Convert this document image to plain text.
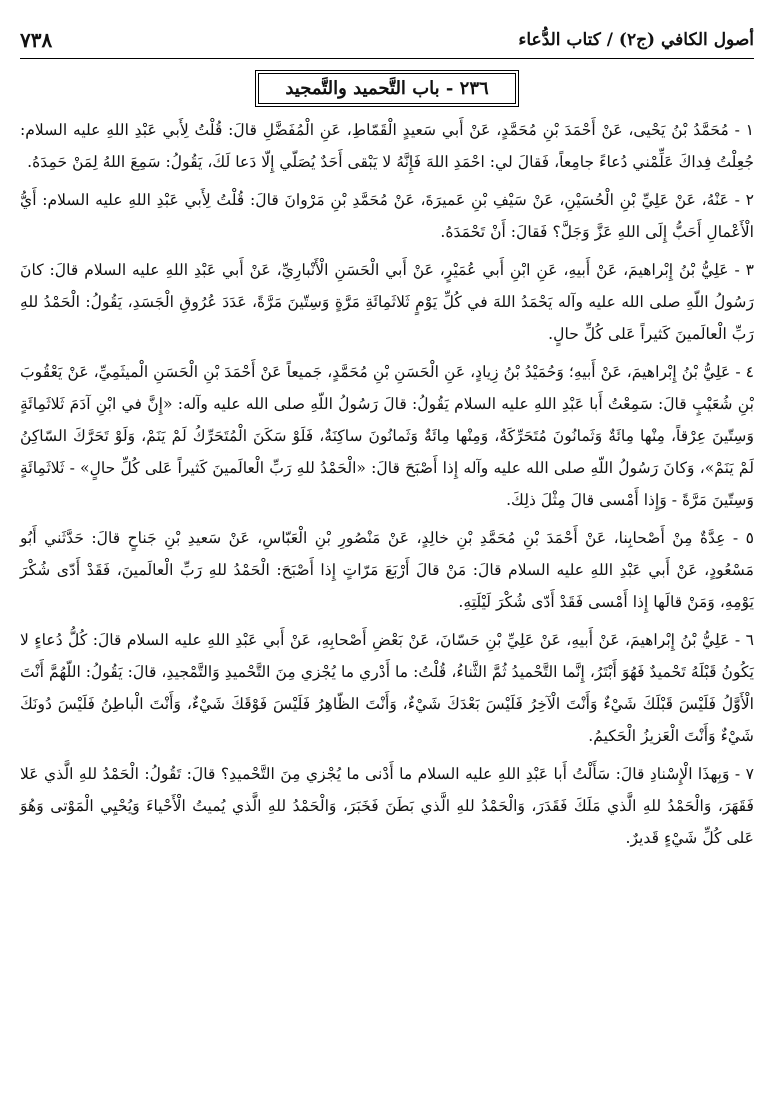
أصول الكافي (ج٢) / كتاب الدُّعاء
٧٣٨
٢٣٦ - باب التَّحميد والتَّمجيد

١ - مُحَمَّدُ بْنُ يَحْيى، عَنْ أَحْمَدَ بْنِ مُحَمَّدٍ، عَنْ أَبي سَعيدٍ الْقَمّاطِ، عَنِ الْمُفَضَّلِ قالَ: قُلْتُ لِأَبي عَبْدِ اللهِ عليه السلام: جُعِلْتُ فِداكَ عَلِّمْني دُعاءً جامِعاً، فَقالَ لي: احْمَدِ اللهَ فَإِنَّهُ لا يَبْقى أَحَدٌ يُصَلّي إِلّا دَعا لَكَ، يَقُولُ: سَمِعَ اللهُ لِمَنْ حَمِدَهُ.

٢ - عَنْهُ، عَنْ عَلِيِّ بْنِ الْحُسَيْنِ، عَنْ سَيْفِ بْنِ عَميرَةَ، عَنْ مُحَمَّدِ بْنِ مَرْوانَ قالَ: قُلْتُ لِأَبي عَبْدِ اللهِ عليه السلام: أَيُّ الْأَعْمالِ أَحَبُّ إِلَى اللهِ عَزَّ وَجَلَّ؟ فَقالَ: أَنْ تَحْمَدَهُ.

٣ - عَلِيُّ بْنُ إِبْراهيمَ، عَنْ أَبيهِ، عَنِ ابْنِ أَبي عُمَيْرٍ، عَنْ أَبي الْحَسَنِ الْأَنْبارِيِّ، عَنْ أَبي عَبْدِ اللهِ عليه السلام قالَ: كانَ رَسُولُ اللّهِ صلى الله عليه وآله يَحْمَدُ اللهَ في كُلِّ يَوْمٍ ثَلاثَمِائَةِ مَرَّةٍ وَسِتّينَ مَرَّةً، عَدَدَ عُرُوقِ الْجَسَدِ، يَقُولُ: الْحَمْدُ للهِ رَبِّ الْعالَمينَ كَثيراً عَلى كُلِّ حالٍ.

٤ - عَلِيُّ بْنُ إِبْراهيمَ، عَنْ أَبيهِ؛ وَحُمَيْدُ بْنُ زِيادٍ، عَنِ الْحَسَنِ بْنِ مُحَمَّدٍ، جَميعاً عَنْ أَحْمَدَ بْنِ الْحَسَنِ الْميثَمِيِّ، عَنْ يَعْقُوبَ بْنِ شُعَيْبٍ قالَ: سَمِعْتُ أَبا عَبْدِ اللهِ عليه السلام يَقُولُ: قالَ رَسُولُ اللّهِ صلى الله عليه وآله: «إِنَّ في ابْنِ آدَمَ ثَلاثَمِائَةٍ وَسِتّينَ عِرْقاً، مِنْها مِائَةٌ وَثَمانُونَ مُتَحَرِّكَةٌ، وَمِنْها مِائَةٌ وَثَمانُونَ ساكِنَةٌ، فَلَوْ سَكَنَ الْمُتَحَرِّكُ لَمْ يَنَمْ، وَلَوْ تَحَرَّكَ السّاكِنُ لَمْ يَنَمْ»، وَكانَ رَسُولُ اللّهِ صلى الله عليه وآله إِذا أَصْبَحَ قالَ: «الْحَمْدُ للهِ رَبِّ الْعالَمينَ كَثيراً عَلى كُلِّ حالٍ» - ثَلاثَمِائَةٍ وَسِتّينَ مَرَّةً - وَإِذا أَمْسى قالَ مِثْلَ ذلِكَ.

٥ - عِدَّةٌ مِنْ أَصْحابِنا، عَنْ أَحْمَدَ بْنِ مُحَمَّدِ بْنِ خالِدٍ، عَنْ مَنْصُورِ بْنِ الْعَبّاسِ، عَنْ سَعيدِ بْنِ جَناحٍ قالَ: حَدَّثَني أَبُو مَسْعُودٍ، عَنْ أَبي عَبْدِ اللهِ عليه السلام قالَ: مَنْ قالَ أَرْبَعَ مَرّاتٍ إِذا أَصْبَحَ: الْحَمْدُ للهِ رَبِّ الْعالَمينَ، فَقَدْ أَدّى شُكْرَ يَوْمِهِ، وَمَنْ قالَها إِذا أَمْسى فَقَدْ أَدّى شُكْرَ لَيْلَتِهِ.

٦ - عَلِيُّ بْنُ إِبْراهيمَ، عَنْ أَبيهِ، عَنْ عَلِيِّ بْنِ حَسّانَ، عَنْ بَعْضِ أَصْحابِهِ، عَنْ أَبي عَبْدِ اللهِ عليه السلام قالَ: كُلُّ دُعاءٍ لا يَكُونُ قَبْلَهُ تَحْميدٌ فَهُوَ أَبْتَرُ، إِنَّما التَّحْميدُ ثُمَّ الثَّناءُ، قُلْتُ: ما أَدْري ما يُجْزي مِنَ التَّحْميدِ وَالتَّمْجيدِ، قالَ: يَقُولُ: اللّهُمَّ أَنْتَ الْأَوَّلُ فَلَيْسَ قَبْلَكَ شَيْءٌ وَأَنْتَ الْآخِرُ فَلَيْسَ بَعْدَكَ شَيْءٌ، وَأَنْتَ الظّاهِرُ فَلَيْسَ فَوْقَكَ شَيْءٌ، وَأَنْتَ الْباطِنُ فَلَيْسَ دُونَكَ شَيْءٌ وَأَنْتَ الْعَزيزُ الْحَكيمُ.

٧ - وَبِهذَا الْإِسْنادِ قالَ: سَأَلْتُ أَبا عَبْدِ اللهِ عليه السلام ما أَدْنى ما يُجْزي مِنَ التَّحْميدِ؟ قالَ: تَقُولُ: الْحَمْدُ للهِ الَّذي عَلا فَقَهَرَ، وَالْحَمْدُ للهِ الَّذي مَلَكَ فَقَدَرَ، وَالْحَمْدُ للهِ الَّذي بَطَنَ فَخَبَرَ، وَالْحَمْدُ للهِ الَّذي يُميتُ الْأَحْياءَ وَيُحْيِي الْمَوْتى وَهُوَ عَلى كُلِّ شَيْءٍ قَديرٌ.
